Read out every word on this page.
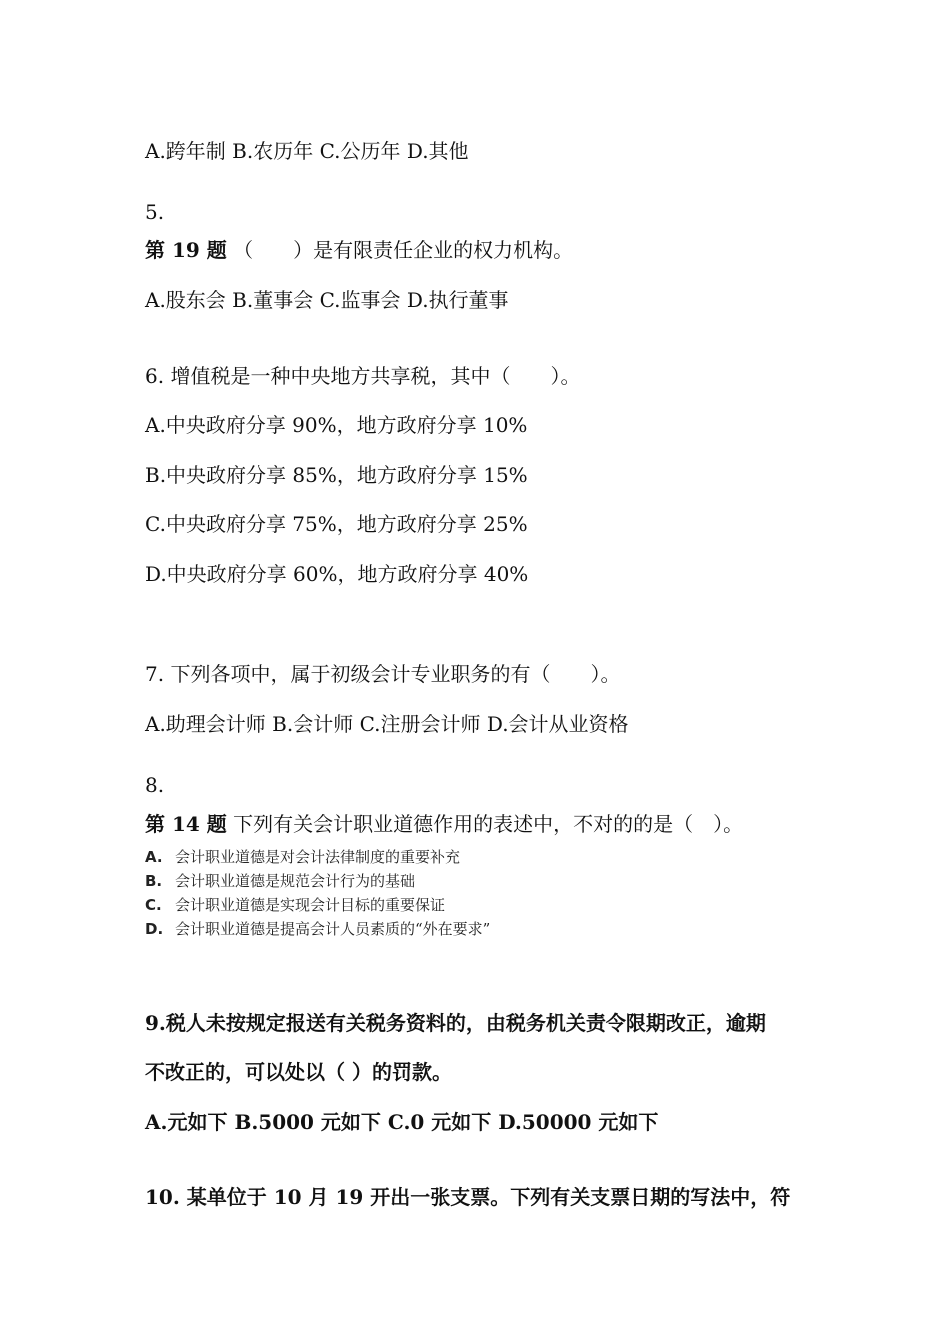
A.跨年制 B.农历年 C.公历年 D.其他
5.
第 19 题 （　　）是有限责任企业的权力机构。
A.股东会 B.董事会 C.监事会 D.执行董事
6. 增值税是一种中央地方共享税，其中（　　）。
A.中央政府分享 90%，地方政府分享 10%
B.中央政府分享 85%，地方政府分享 15%
C.中央政府分享 75%，地方政府分享 25%
D.中央政府分享 60%，地方政府分享 40%
7. 下列各项中，属于初级会计专业职务的有（　　）。
A.助理会计师 B.会计师 C.注册会计师 D.会计从业资格
8.
第 14 题 下列有关会计职业道德作用的表述中，不对的的是（　）。
A. 会计职业道德是对会计法律制度的重要补充
B. 会计职业道德是规范会计行为的基础
C. 会计职业道德是实现会计目标的重要保证
D. 会计职业道德是提高会计人员素质的“外在要求”
9.税人未按规定报送有关税务资料的，由税务机关责令限期改正，逾期
不改正的，可以处以（ ）的罚款。
A.元如下 B.5000 元如下 C.0 元如下 D.50000 元如下
10. 某单位于 10 月 19 开出一张支票。下列有关支票日期的写法中，符
